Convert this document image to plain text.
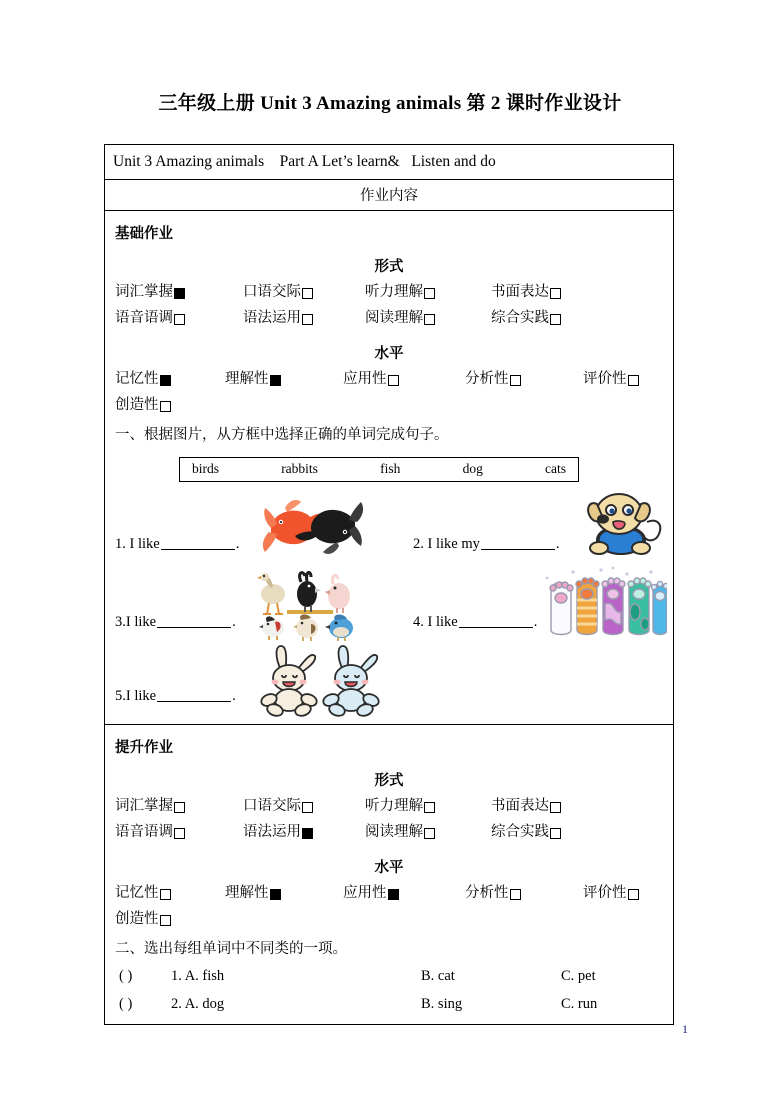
三年级上册 Unit 3 Amazing animals 第 2 课时作业设计
Unit 3 Amazing animals    Part A Let’s learn&   Listen and do

作业内容

基础作业
形式
词汇掌握	口语交际	听力理解	书面表达
语音语调	语法运用	阅读理解	综合实践
水平
记忆性	理解性	应用性	分析性	评价性
创造性
一、根据图片，从方框中选择正确的单词完成句子。
birds	rabbits	fish	dog	cats
1. I like	.	2. I like my	.
3.I like	.	4. I like	.
5.I like	.

提升作业
形式
词汇掌握	口语交际	听力理解	书面表达
语音语调	语法运用	阅读理解	综合实践
水平
记忆性	理解性	应用性	分析性	评价性
创造性
二、选出每组单词中不同类的一项。
( )	1. A. fish	B. cat	C. pet
( )	2. A. dog	B. sing	C. run
1
